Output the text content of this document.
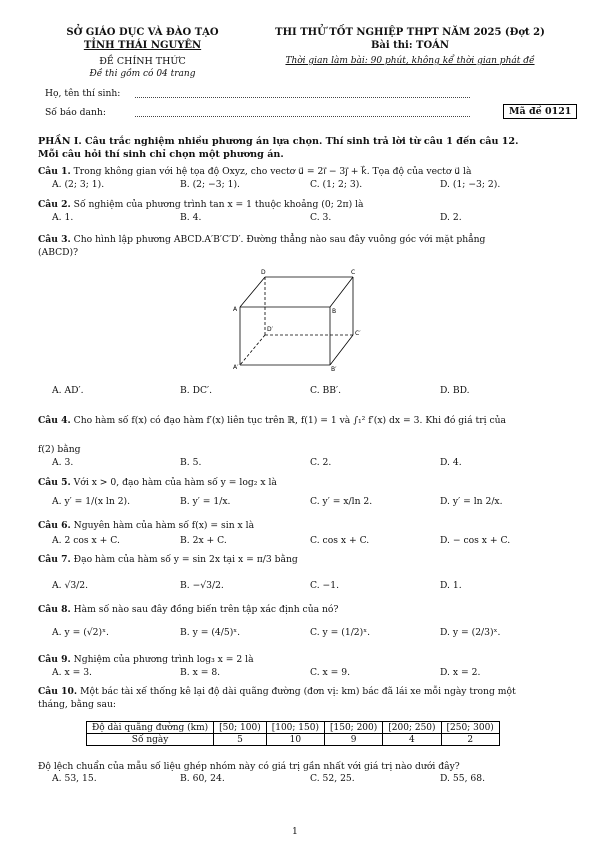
SỞ GIÁO DỤC VÀ ĐÀO TẠO
TỈNH THÁI NGUYÊN
ĐỀ CHÍNH THỨC
Đề thi gồm có 04 trang
THI THỬ TỐT NGHIỆP THPT NĂM 2025 (Đợt 2)
Bài thi: TOÁN
Thời gian làm bài: 90 phút, không kể thời gian phát đề
Họ, tên thí sinh:
Số báo danh:	Mã đề 0121
PHẦN I. Câu trắc nghiệm nhiều phương án lựa chọn. Thí sinh trả lời từ câu 1 đến câu 12.
Mỗi câu hỏi thí sinh chỉ chọn một phương án.
Câu 1. Trong không gian với hệ tọa độ Oxyz, cho vectơ u⃗ = 2i⃗ − 3j⃗ + k⃗. Tọa độ của vectơ u⃗ là
A. (2; 3; 1).	B. (2; −3; 1).	C. (1; 2; 3).	D. (1; −3; 2).
Câu 2. Số nghiệm của phương trình tan x = 1 thuộc khoảng (0; 2π) là
A. 1.	B. 4.	C. 3.	D. 2.
Câu 3. Cho hình lập phương ABCD.A′B′C′D′. Đường thẳng nào sau đây vuông góc với mặt phẳng
(ABCD)?
D	C
A	B
D′
C′
A′	B′
A. AD′.	B. DC′.	C. BB′.	D. BD.
Câu 4. Cho hàm số f(x) có đạo hàm f′(x) liên tục trên ℝ, f(1) = 1 và ∫₁² f′(x) dx = 3. Khi đó giá trị của
f(2) bằng
A. 3.	B. 5.	C. 2.	D. 4.
Câu 5. Với x > 0, đạo hàm của hàm số y = log₂ x là
A. y′ = 1/(x ln 2).	B. y′ = 1/x.	C. y′ = x/ln 2.	D. y′ = ln 2/x.
Câu 6. Nguyên hàm của hàm số f(x) = sin x là
A. 2 cos x + C.	B. 2x + C.	C. cos x + C.	D. − cos x + C.
Câu 7. Đạo hàm của hàm số y = sin 2x tại x = π/3 bằng
A. √3/2.	B. −√3/2.	C. −1.	D. 1.
Câu 8. Hàm số nào sau đây đồng biến trên tập xác định của nó?
A. y = (√2)ˣ.	B. y = (4/5)ˣ.	C. y = (1/2)ˣ.	D. y = (2/3)ˣ.
Câu 9. Nghiệm của phương trình log₃ x = 2 là
A. x = 3.	B. x = 8.	C. x = 9.	D. x = 2.
Câu 10. Một bác tài xế thống kê lại độ dài quãng đường (đơn vị: km) bác đã lái xe mỗi ngày trong một
tháng, bằng sau:
Độ dài quãng đường (km)	[50; 100)	[100; 150)	[150; 200)	[200; 250)	[250; 300)
Số ngày	5	10	9	4	2
Độ lệch chuẩn của mẫu số liệu ghép nhóm này có giá trị gần nhất với giá trị nào dưới đây?
A. 53, 15.	B. 60, 24.	C. 52, 25.	D. 55, 68.
1
